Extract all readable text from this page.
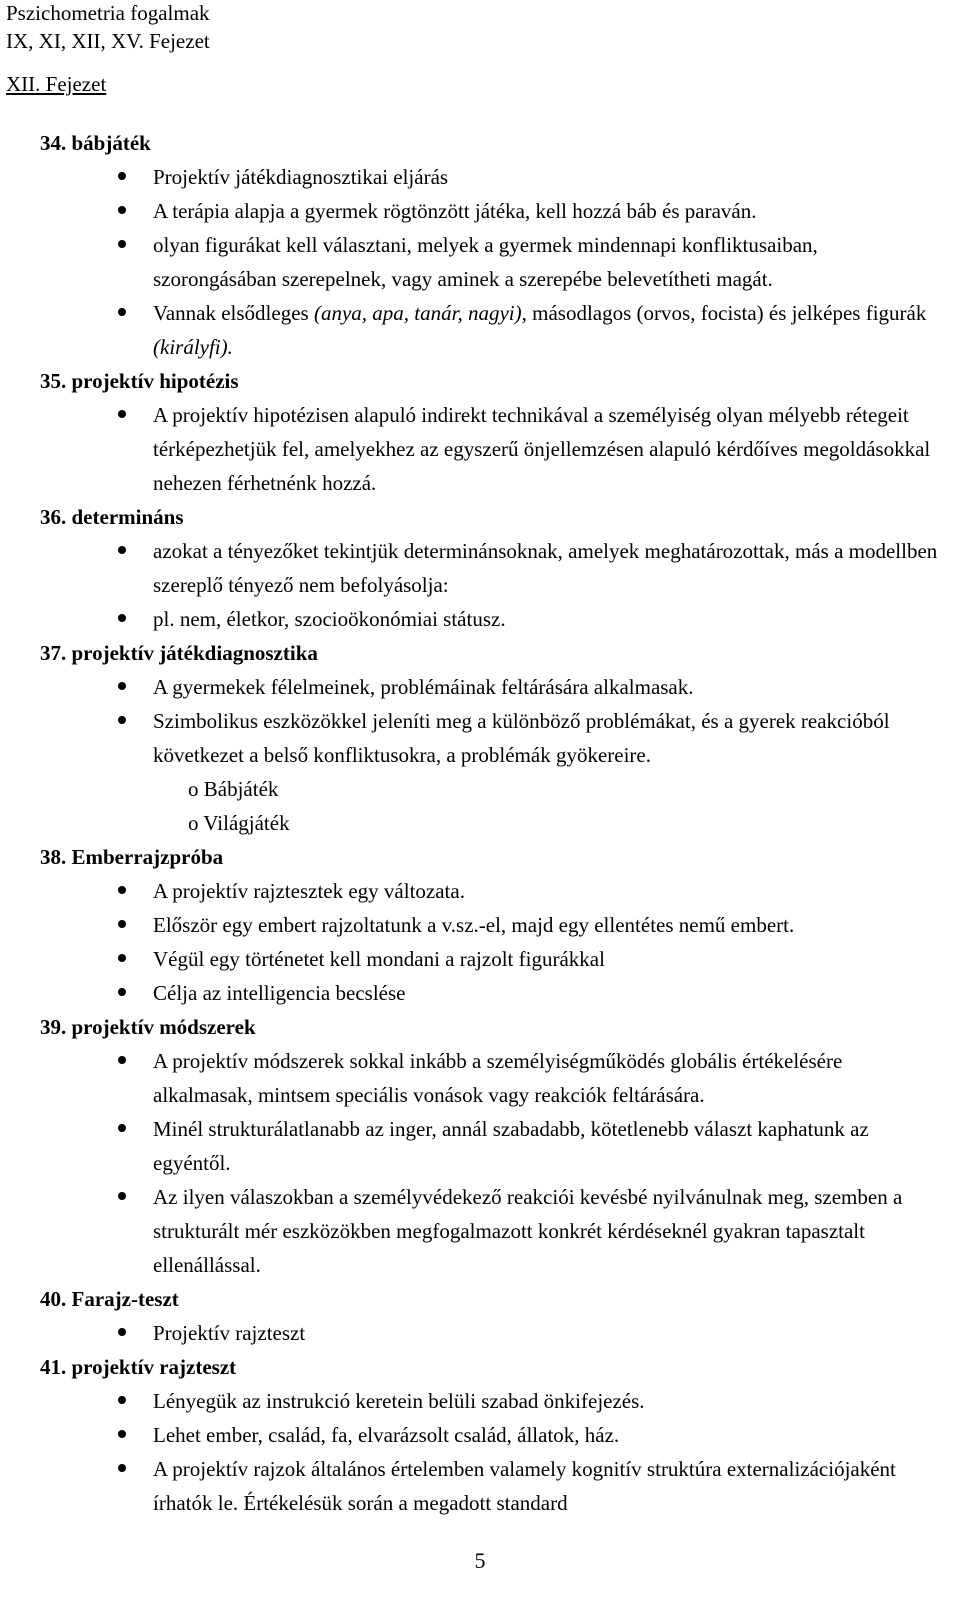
Pszichometria fogalmak
IX, XI, XII, XV. Fejezet
XII. Fejezet
34. bábjáték
Projektív játékdiagnosztikai eljárás
A terápia alapja a gyermek rögtönzött játéka, kell hozzá báb és paraván.
olyan figurákat kell választani, melyek a gyermek mindennapi konfliktusaiban, szorongásában szerepelnek, vagy aminek a szerepébe belevetítheti magát.
Vannak elsődleges (anya, apa, tanár, nagyi), másodlagos (orvos, focista) és jelképes figurák (királyfi).
35. projektív hipotézis
A projektív hipotézisen alapuló indirekt technikával a személyiség olyan mélyebb rétegeit térképezhetjük fel, amelyekhez az egyszerű önjellemzésen alapuló kérdőíves megoldásokkal nehezen férhetnénk hozzá.
36. determináns
azokat a tényezőket tekintjük determinánsoknak, amelyek meghatározottak, más a modellben szereplő tényező nem befolyásolja:
pl. nem, életkor, szocioökonómiai státusz.
37. projektív játékdiagnosztika
A gyermekek félelmeinek, problémáinak feltárására alkalmasak.
Szimbolikus eszközökkel jeleníti meg a különböző problémákat, és a gyerek reakcióból következet a belső konfliktusokra, a problémák gyökereire.
o Bábjáték
o Világjáték
38. Emberrajzpróba
A projektív rajztesztek egy változata.
Először egy embert rajzoltatunk a v.sz.-el, majd egy ellentétes nemű embert.
Végül egy történetet kell mondani a rajzolt figurákkal
Célja az intelligencia becslése
39. projektív módszerek
A projektív módszerek sokkal inkább a személyiségműködés globális értékelésére alkalmasak, mintsem speciális vonások vagy reakciók feltárására.
Minél strukturálatlanabb az inger, annál szabadabb, kötetlenebb választ kaphatunk az egyéntől.
Az ilyen válaszokban a személyvédekező reakciói kevésbé nyilvánulnak meg, szemben a strukturált mér eszközökben megfogalmazott konkrét kérdéseknél gyakran tapasztalt ellenállással.
40. Farajz-teszt
Projektív rajzteszt
41. projektív rajzteszt
Lényegük az instrukció keretein belüli szabad önkifejezés.
Lehet ember, család, fa, elvarázsolt család, állatok, ház.
A projektív rajzok általános értelemben valamely kognitív struktúra externalizációjaként írhatók le. Értékelésük során a megadott standard
5
